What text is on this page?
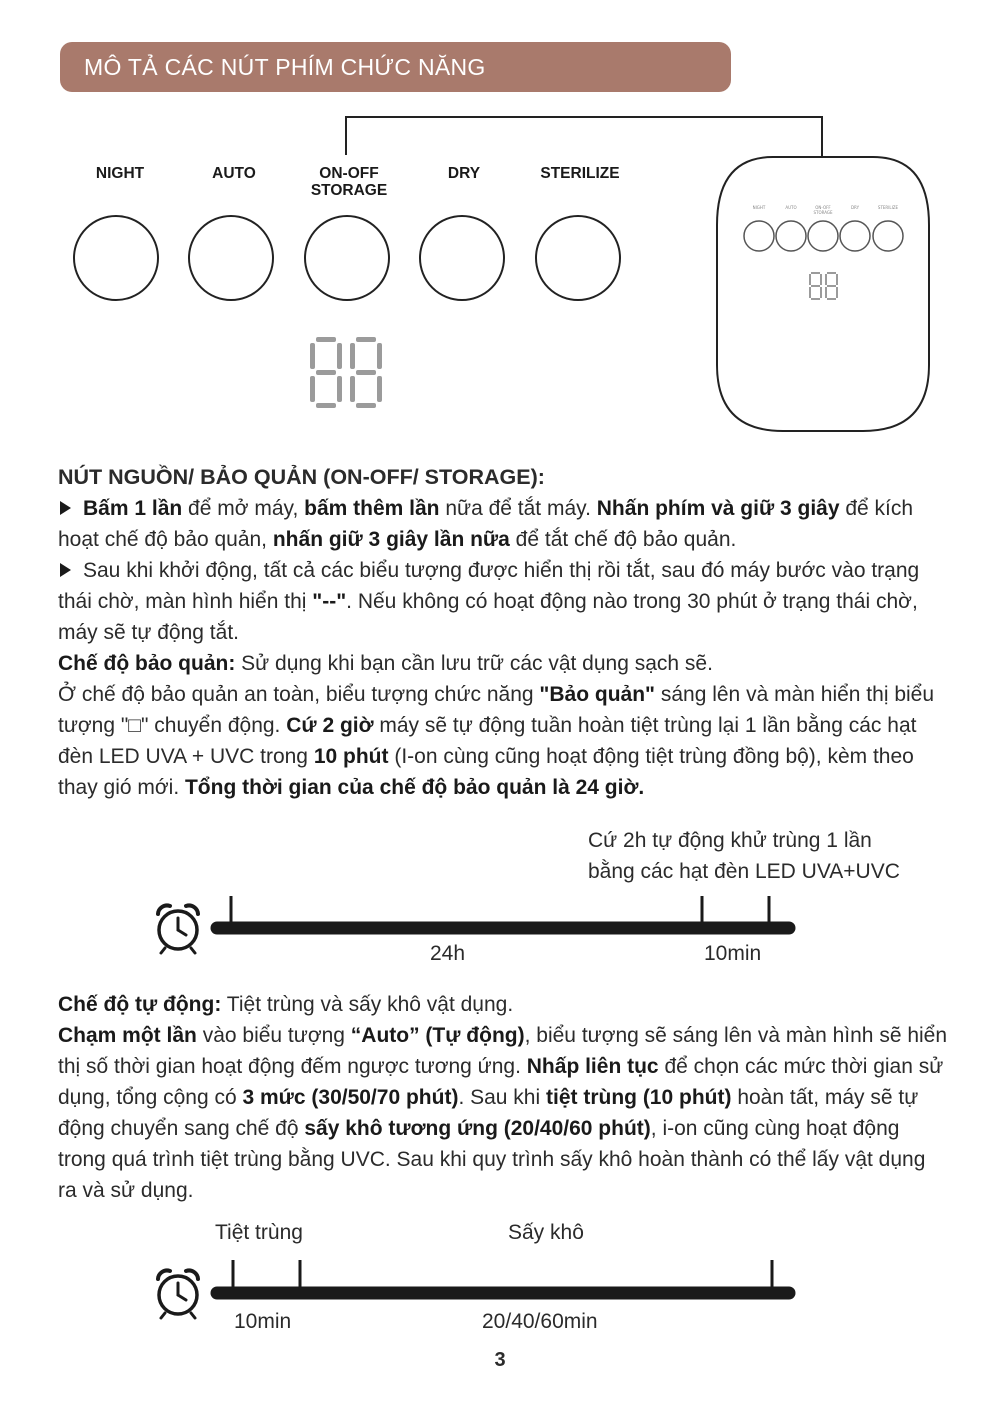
MÔ TẢ CÁC NÚT PHÍM CHỨC NĂNG
NIGHT	AUTO	ON-OFF
STORAGE
DRY	STERILIZE
NIGHT	AUTO	ON-OFF
STORAGE
DRY	STERILIZE

NÚT NGUỒN/ BẢO QUẢN (ON-OFF/ STORAGE):

Bấm 1 lần để mở máy, bấm thêm lần nữa để tắt máy. Nhấn phím và giữ 3 giây để kích hoạt chế độ bảo quản, nhấn giữ 3 giây lần nữa để tắt chế độ bảo quản.

Sau khi khởi động, tất cả các biểu tượng được hiển thị rồi tắt, sau đó máy bước vào trạng thái chờ, màn hình hiển thị "--". Nếu không có hoạt động nào trong 30 phút ở trạng thái chờ, máy sẽ tự động tắt.

Chế độ bảo quản: Sử dụng khi bạn cần lưu trữ các vật dụng sạch sẽ.

Ở chế độ bảo quản an toàn, biểu tượng chức năng "Bảo quản" sáng lên và màn hiển thị biểu tượng "□" chuyển động. Cứ 2 giờ máy sẽ tự động tuần hoàn tiệt trùng lại 1 lần bằng các hạt đèn LED UVA + UVC trong 10 phút (I-on cùng cũng hoạt động tiệt trùng đồng bộ), kèm theo thay gió mới. Tổng thời gian của chế độ bảo quản là 24 giờ.

Cứ 2h tự động khử trùng 1 lần
bằng các hạt đèn LED UVA+UVC
24h	10min

Chế độ tự động: Tiệt trùng và sấy khô vật dụng.

Chạm một lần vào biểu tượng “Auto” (Tự động), biểu tượng sẽ sáng lên và màn hình sẽ hiển thị số thời gian hoạt động đếm ngược tương ứng. Nhấp liên tục để chọn các mức thời gian sử dụng, tổng cộng có 3 mức (30/50/70 phút). Sau khi tiệt trùng (10 phút) hoàn tất, máy sẽ tự động chuyển sang chế độ sấy khô tương ứng (20/40/60 phút), i-on cũng cùng hoạt động trong quá trình tiệt trùng bằng UVC. Sau khi quy trình sấy khô hoàn thành có thể lấy vật dụng ra và sử dụng.

Tiệt trùng	Sấy khô
10min	20/40/60min
3
